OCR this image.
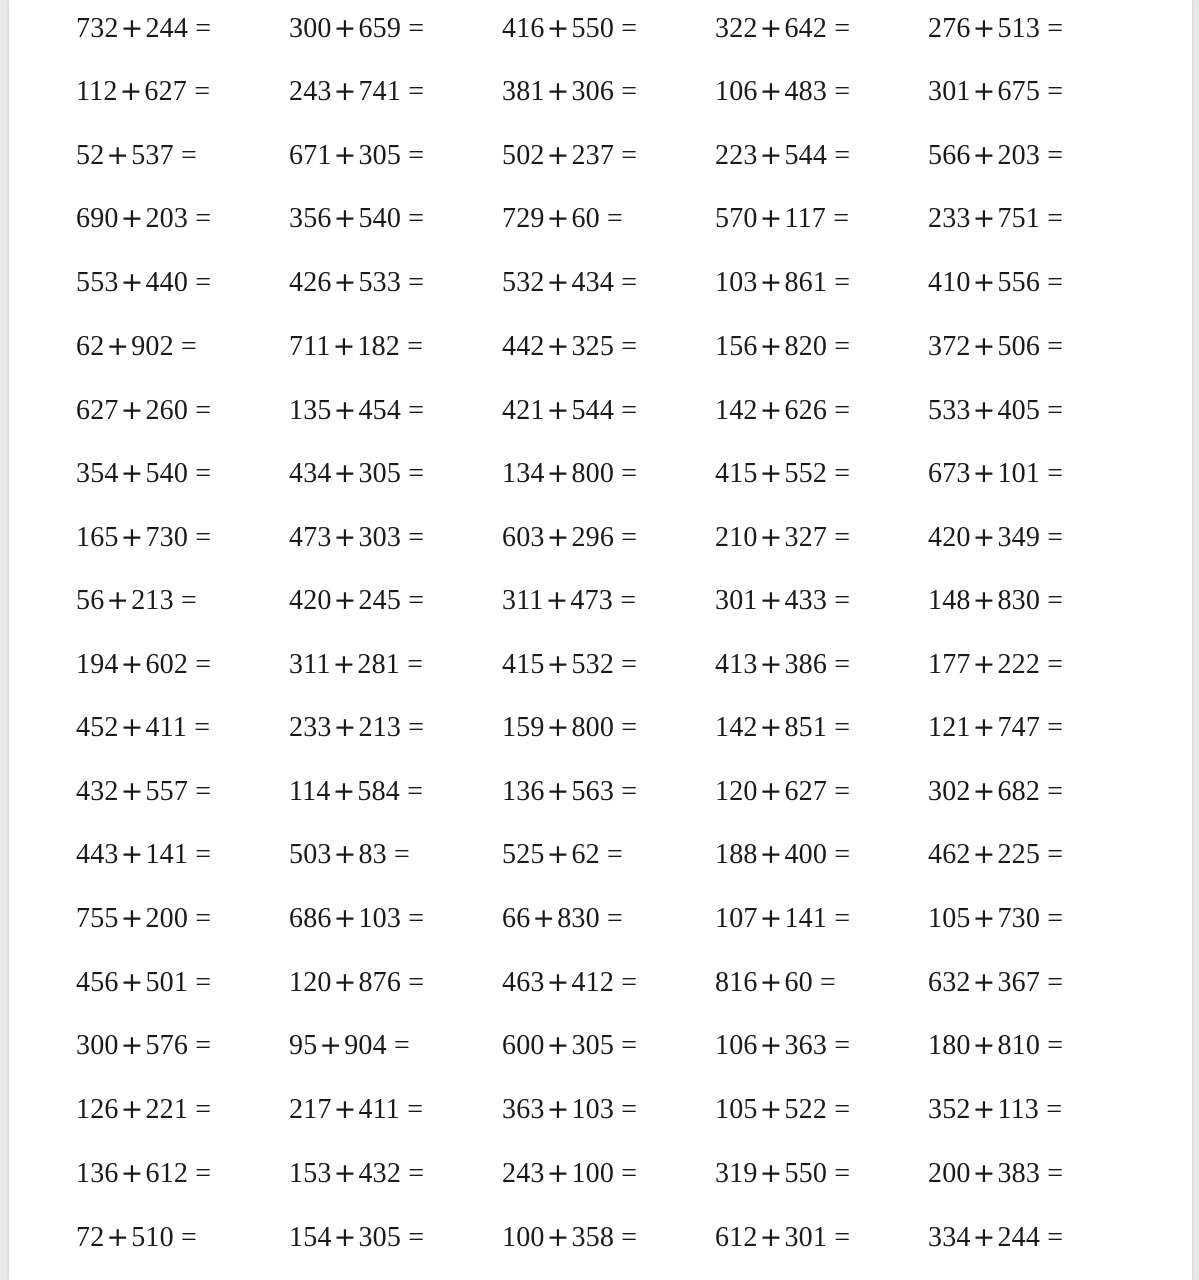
732+244 =	300+659 =	416+550 =	322+642 =	276+513 =
112+627 =	243+741 =	381+306 =	106+483 =	301+675 =
52+537 =	671+305 =	502+237 =	223+544 =	566+203 =
690+203 =	356+540 =	729+60 =	570+117 =	233+751 =
553+440 =	426+533 =	532+434 =	103+861 =	410+556 =
62+902 =	711+182 =	442+325 =	156+820 =	372+506 =
627+260 =	135+454 =	421+544 =	142+626 =	533+405 =
354+540 =	434+305 =	134+800 =	415+552 =	673+101 =
165+730 =	473+303 =	603+296 =	210+327 =	420+349 =
56+213 =	420+245 =	311+473 =	301+433 =	148+830 =
194+602 =	311+281 =	415+532 =	413+386 =	177+222 =
452+411 =	233+213 =	159+800 =	142+851 =	121+747 =
432+557 =	114+584 =	136+563 =	120+627 =	302+682 =
443+141 =	503+83 =	525+62 =	188+400 =	462+225 =
755+200 =	686+103 =	66+830 =	107+141 =	105+730 =
456+501 =	120+876 =	463+412 =	816+60 =	632+367 =
300+576 =	95+904 =	600+305 =	106+363 =	180+810 =
126+221 =	217+411 =	363+103 =	105+522 =	352+113 =
136+612 =	153+432 =	243+100 =	319+550 =	200+383 =
72+510 =	154+305 =	100+358 =	612+301 =	334+244 =
